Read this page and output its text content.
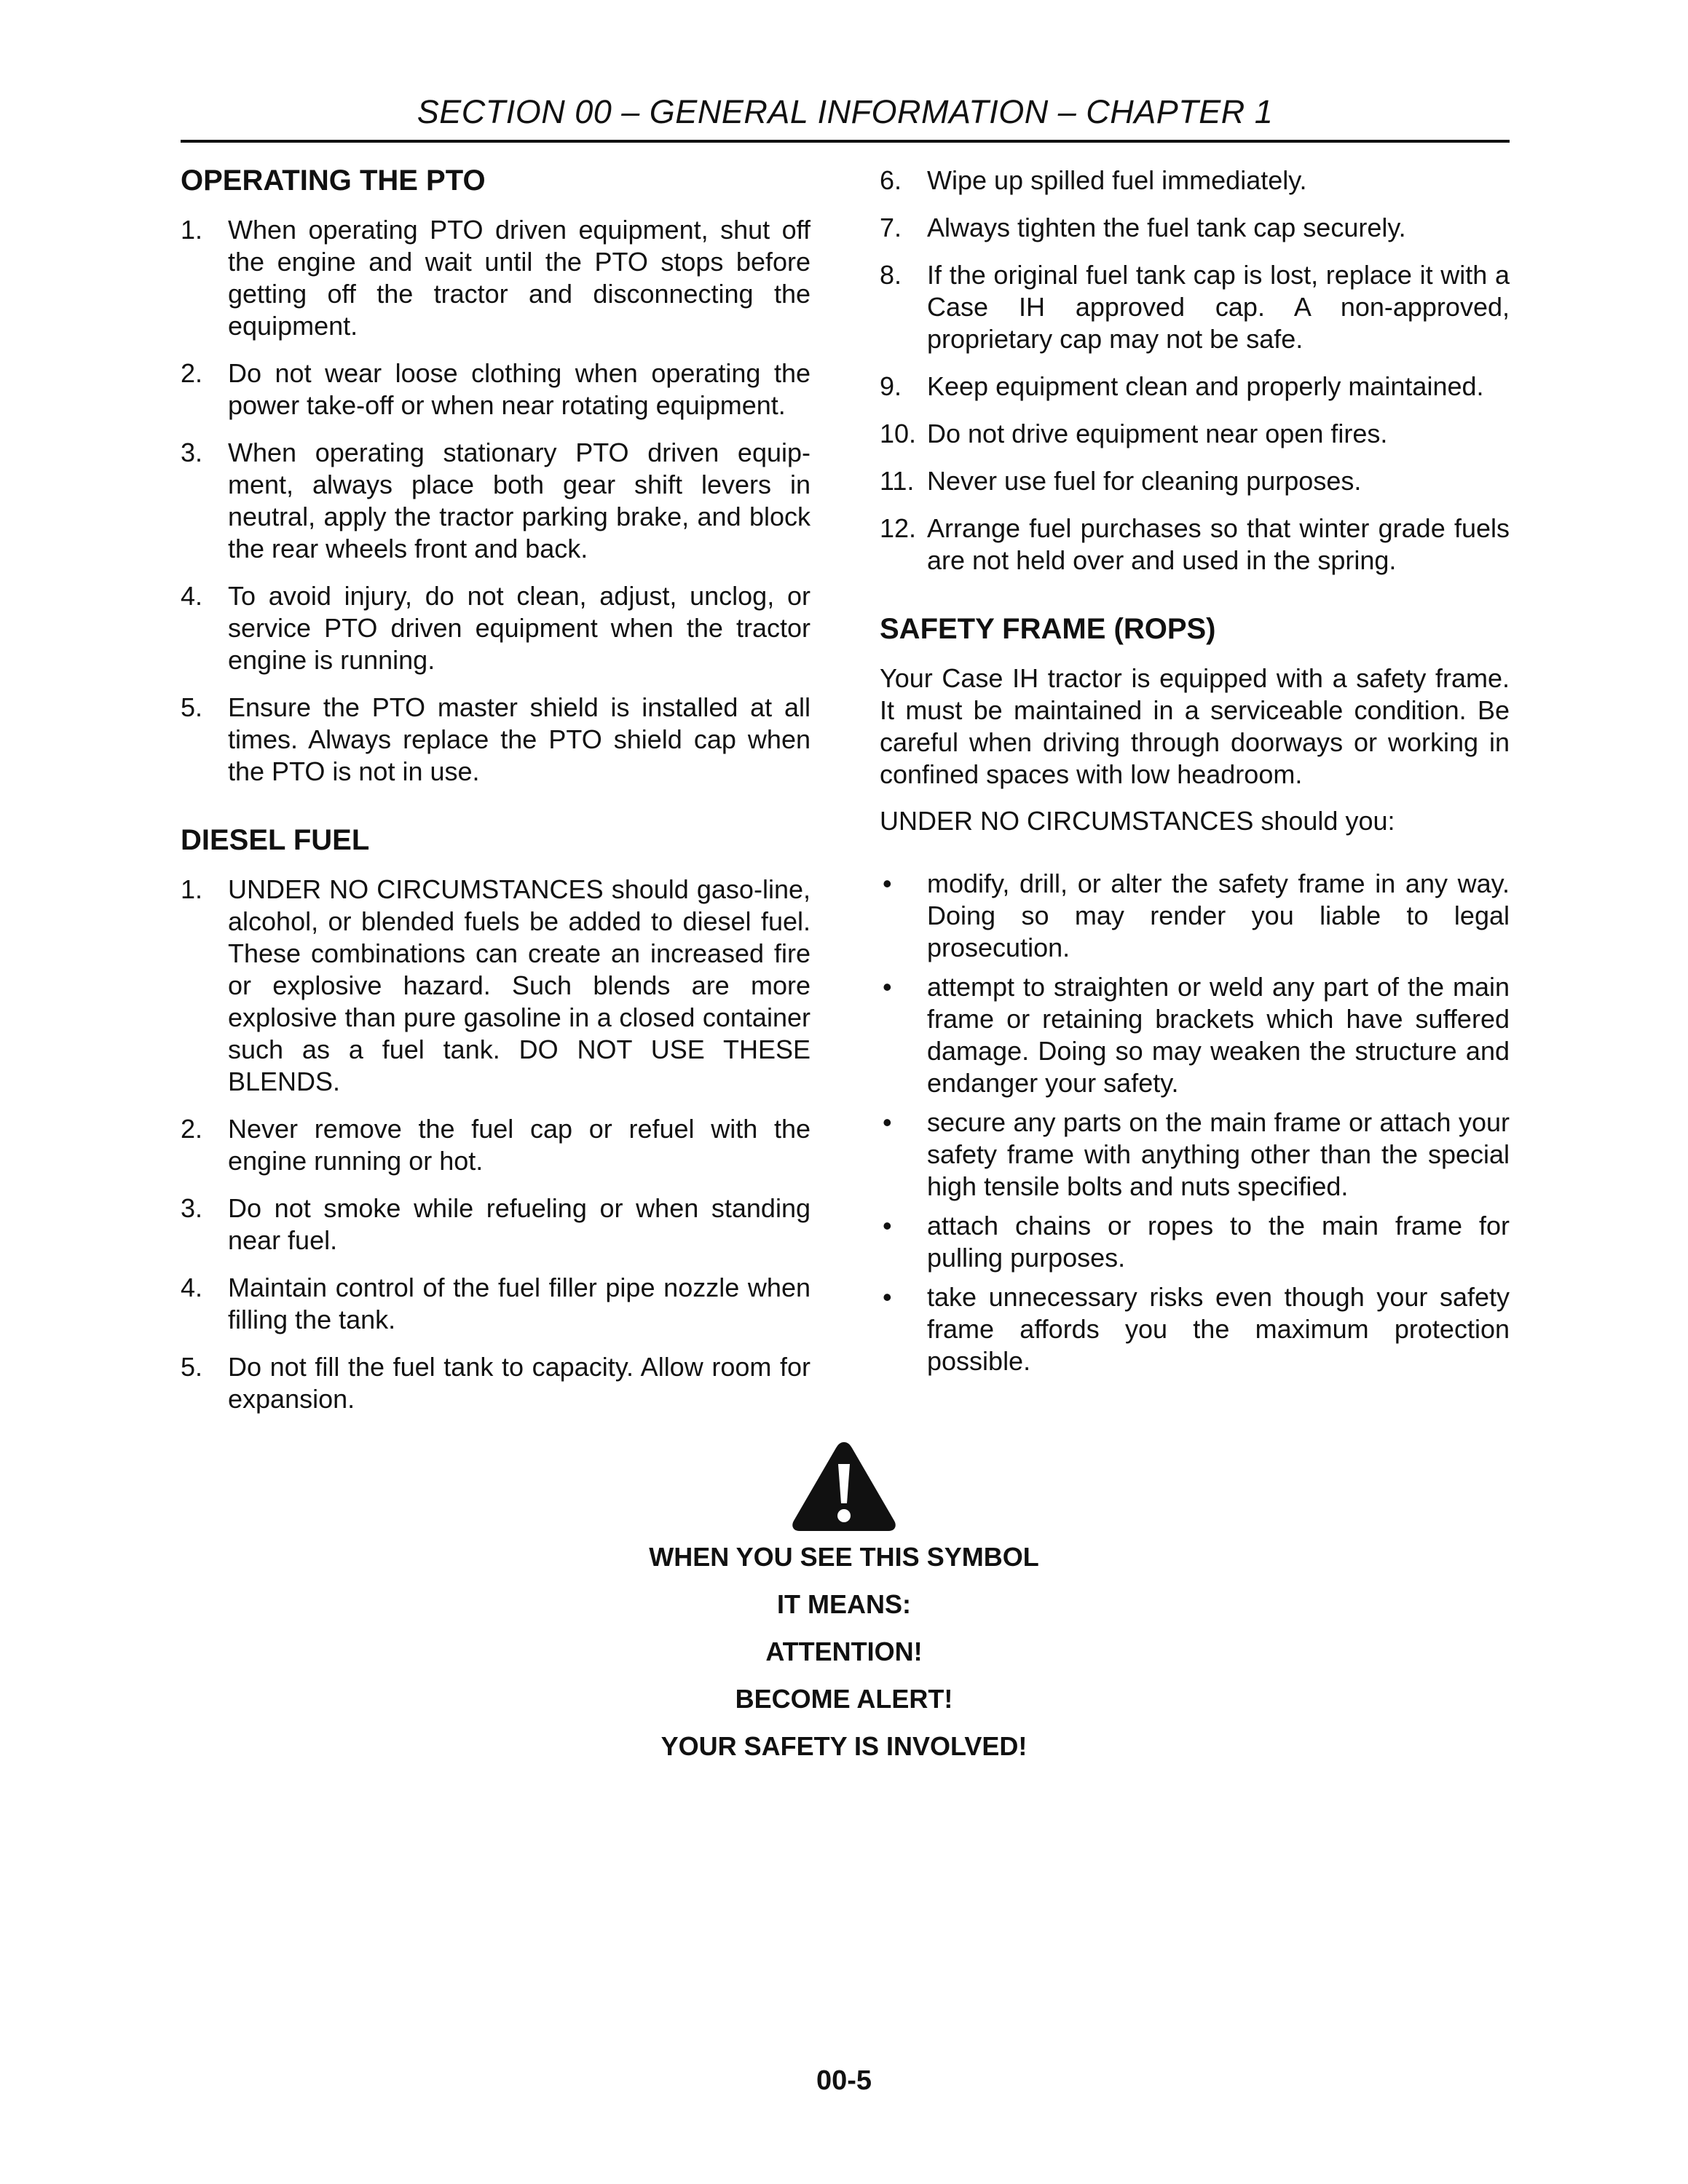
SECTION 00 – GENERAL INFORMATION – CHAPTER 1
OPERATING THE PTO
1. When operating PTO driven equipment, shut off the engine and wait until the PTO stops before getting off the tractor and disconnecting the equipment.
2. Do not wear loose clothing when operating the power take-off or when near rotating equipment.
3. When operating stationary PTO driven equip-ment, always place both gear shift levers in neutral, apply the tractor parking brake, and block the rear wheels front and back.
4. To avoid injury, do not clean, adjust, unclog, or service PTO driven equipment when the tractor engine is running.
5. Ensure the PTO master shield is installed at all times. Always replace the PTO shield cap when the PTO is not in use.
DIESEL FUEL
1. UNDER NO CIRCUMSTANCES should gaso-line, alcohol, or blended fuels be added to diesel fuel. These combinations can create an increased fire or explosive hazard. Such blends are more explosive than pure gasoline in a closed container such as a fuel tank. DO NOT USE THESE BLENDS.
2. Never remove the fuel cap or refuel with the engine running or hot.
3. Do not smoke while refueling or when standing near fuel.
4. Maintain control of the fuel filler pipe nozzle when filling the tank.
5. Do not fill the fuel tank to capacity. Allow room for expansion.
6. Wipe up spilled fuel immediately.
7. Always tighten the fuel tank cap securely.
8. If the original fuel tank cap is lost, replace it with a Case IH approved cap. A non-approved, proprietary cap may not be safe.
9. Keep equipment clean and properly maintained.
10. Do not drive equipment near open fires.
11. Never use fuel for cleaning purposes.
12. Arrange fuel purchases so that winter grade fuels are not held over and used in the spring.
SAFETY FRAME (ROPS)

Your Case IH tractor is equipped with a safety frame. It must be maintained in a serviceable condition. Be careful when driving through doorways or working in confined spaces with low headroom.

UNDER NO CIRCUMSTANCES should you:

• modify, drill, or alter the safety frame in any way. Doing so may render you liable to legal prosecution.
• attempt to straighten or weld any part of the main frame or retaining brackets which have suffered damage. Doing so may weaken the structure and endanger your safety.
• secure any parts on the main frame or attach your safety frame with anything other than the special high tensile bolts and nuts specified.
• attach chains or ropes to the main frame for pulling purposes.
• take unnecessary risks even though your safety frame affords you the maximum protection possible.
WHEN YOU SEE THIS SYMBOL
IT MEANS:
ATTENTION!
BECOME ALERT!
YOUR SAFETY IS INVOLVED!
00-5
